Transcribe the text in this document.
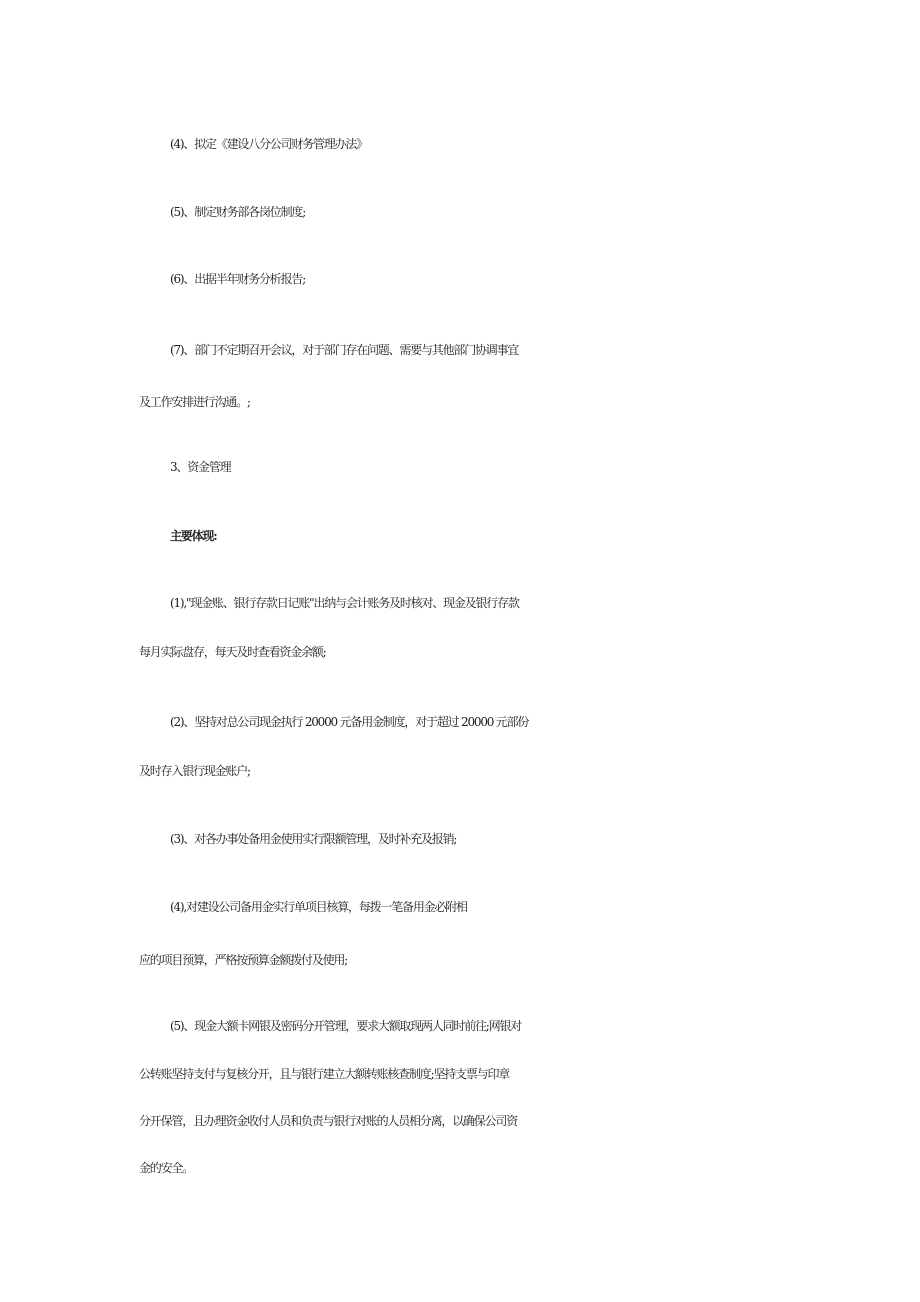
(4)、拟定《建设八分公司财务管理办法》
(5)、制定财务部各岗位制度;
(6)、出据半年财务分析报告;
(7)、部门不定期召开会议，对于部门存在问题、需要与其他部门协调事宜
及工作安排进行沟通。;
3、资金管理
主要体现:
(1),"现金账、银行存款日记账"出纳与会计账务及时核对、现金及银行存款
每月实际盘存，每天及时查看资金余额;
(2)、坚持对总公司现金执行 20000 元备用金制度，对于超过 20000 元部份
及时存入银行现金账户;
(3)、对各办事处备用金使用实行限额管理，及时补充及报销;
(4),对建设公司备用金实行单项目核算，每拨一笔备用金必附相
应的项目预算，严格按预算金额拨付及使用;
(5)、现金大额卡网银及密码分开管理，要求大额取现两人同时前往;网银对
公转账坚持支付与复核分开，且与银行建立大额转账核查制度;坚持支票与印章
分开保管，且办理资金收付人员和负责与银行对账的人员相分离，以确保公司资
金的安全。
